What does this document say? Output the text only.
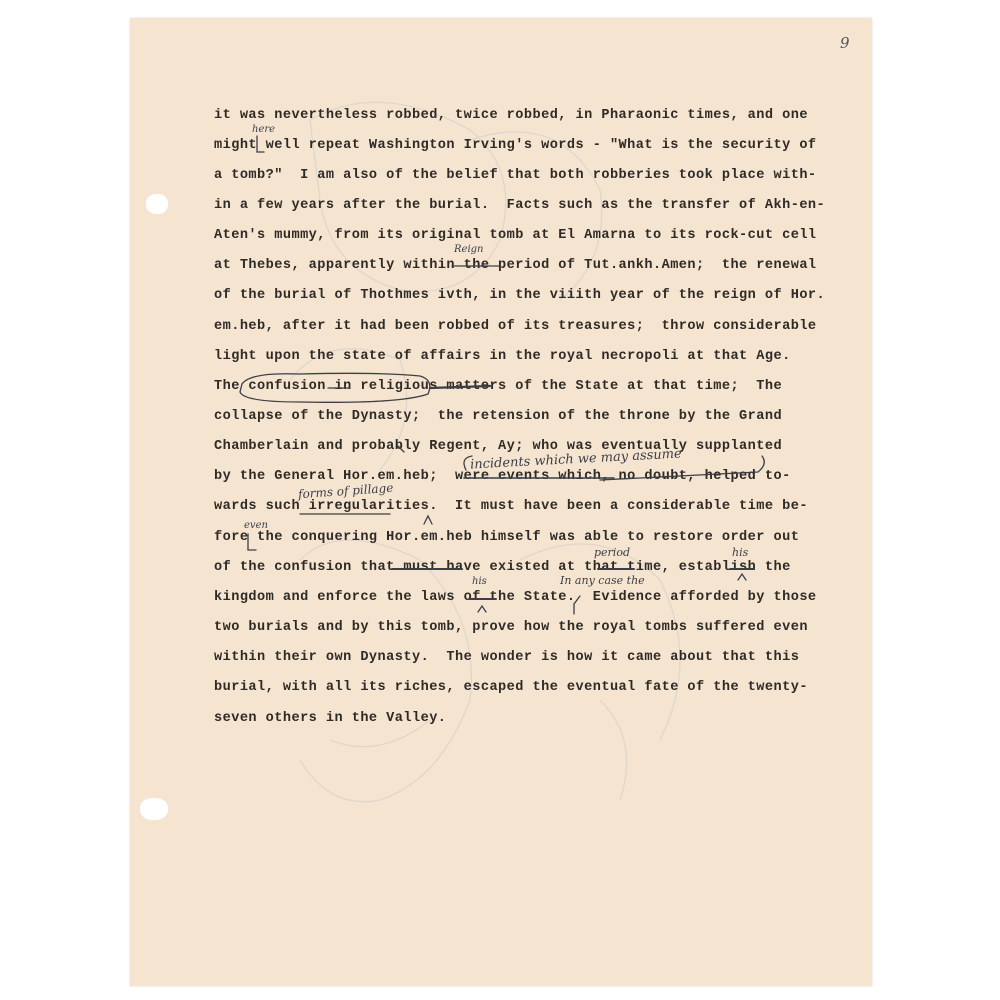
9
it was nevertheless robbed, twice robbed, in Pharaonic times, and one
might well repeat Washington Irving's words - "What is the security of
a tomb?"  I am also of the belief that both robberies took place with-
in a few years after the burial.  Facts such as the transfer of Akh-en-
Aten's mummy, from its original tomb at El Amarna to its rock-cut cell
at Thebes, apparently within the period of Tut.ankh.Amen;  the renewal
of the burial of Thothmes ivth, in the viiith year of the reign of Hor.
em.heb, after it had been robbed of its treasures;  throw considerable
light upon the state of affairs in the royal necropoli at that Age.
The confusion in religious matters of the State at that time;  The
collapse of the Dynasty;  the retension of the throne by the Grand
Chamberlain and probably Regent, Ay; who was eventually supplanted
by the General Hor.em.heb;  were events which, no doubt, helped to-
wards such irregularities.  It must have been a considerable time be-
fore the conquering Hor.em.heb himself was able to restore order out
of the confusion that must have existed at that time, establish the
kingdom and enforce the laws of the State.  Evidence afforded by those
two burials and by this tomb, prove how the royal tombs suffered even
within their own Dynasty.  The wonder is how it came about that this
burial, with all its riches, escaped the eventual fate of the twenty-
seven others in the Valley.
here
Reign
incidents which we may assume
forms of pillage
even
period	his
In any case the
his
